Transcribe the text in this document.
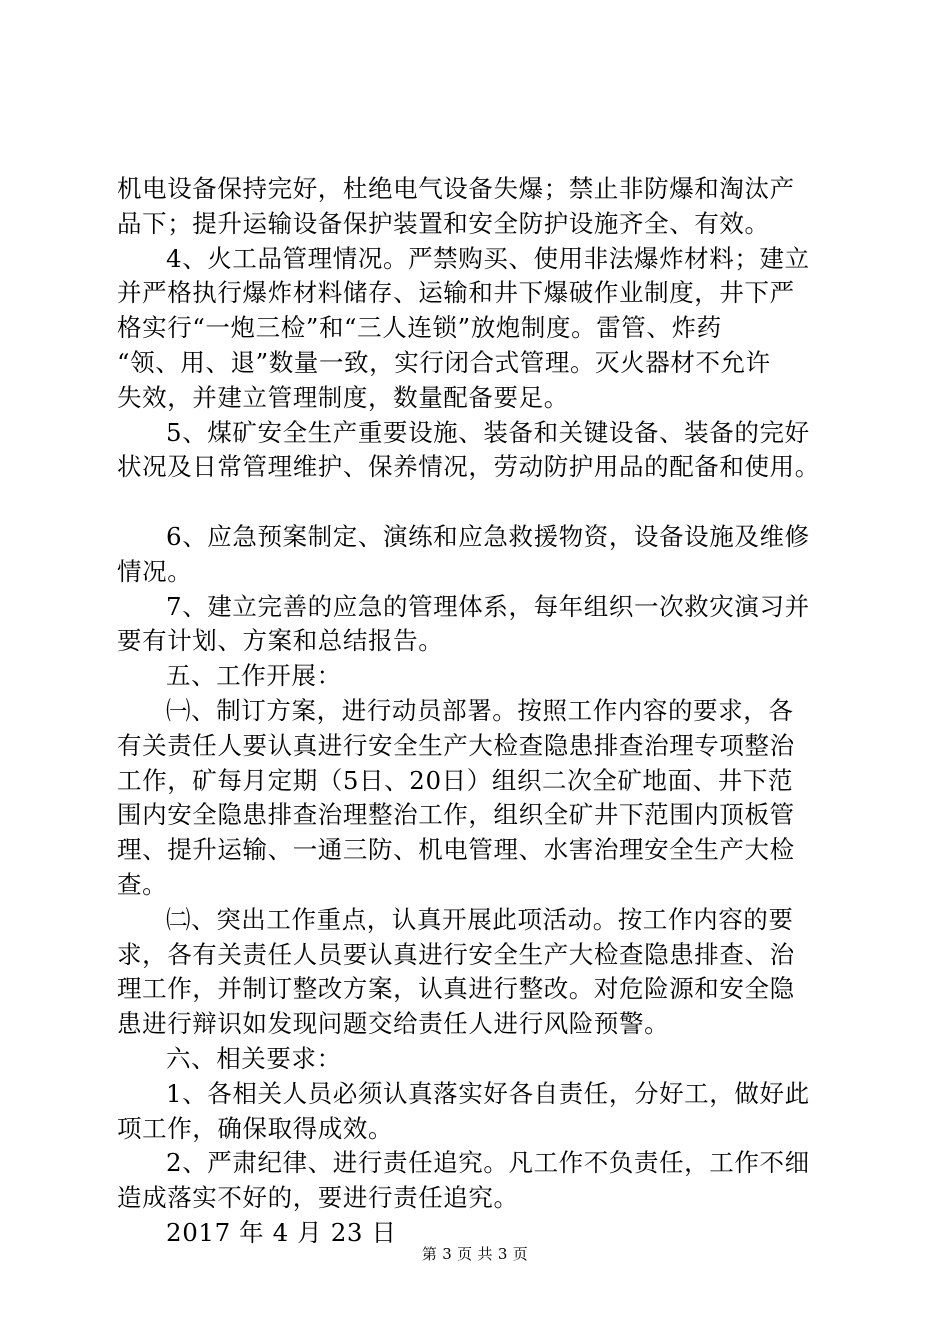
机电设备保持完好，杜绝电气设备失爆；禁止非防爆和淘汰产
品下；提升运输设备保护装置和安全防护设施齐全、有效。
4、火工品管理情况。严禁购买、使用非法爆炸材料；建立
并严格执行爆炸材料储存、运输和井下爆破作业制度，井下严
格实行“一炮三检”和“三人连锁”放炮制度。雷管、炸药
“领、用、退”数量一致，实行闭合式管理。灭火器材不允许
失效，并建立管理制度，数量配备要足。
5、煤矿安全生产重要设施、装备和关键设备、装备的完好
状况及日常管理维护、保养情况，劳动防护用品的配备和使用。
6、应急预案制定、演练和应急救援物资，设备设施及维修
情况。
7、建立完善的应急的管理体系，每年组织一次救灾演习并
要有计划、方案和总结报告。
五、工作开展：
㈠、制订方案，进行动员部署。按照工作内容的要求，各
有关责任人要认真进行安全生产大检查隐患排查治理专项整治
工作，矿每月定期（5日、20日）组织二次全矿地面、井下范
围内安全隐患排查治理整治工作，组织全矿井下范围内顶板管
理、提升运输、一通三防、机电管理、水害治理安全生产大检
查。
㈡、突出工作重点，认真开展此项活动。按工作内容的要
求，各有关责任人员要认真进行安全生产大检查隐患排查、治
理工作，并制订整改方案，认真进行整改。对危险源和安全隐
患进行辩识如发现问题交给责任人进行风险预警。
六、相关要求：
1、各相关人员必须认真落实好各自责任，分好工，做好此
项工作，确保取得成效。
2、严肃纪律、进行责任追究。凡工作不负责任，工作不细
造成落实不好的，要进行责任追究。
2017 年 4 月 23 日
第 3 页 共 3 页
